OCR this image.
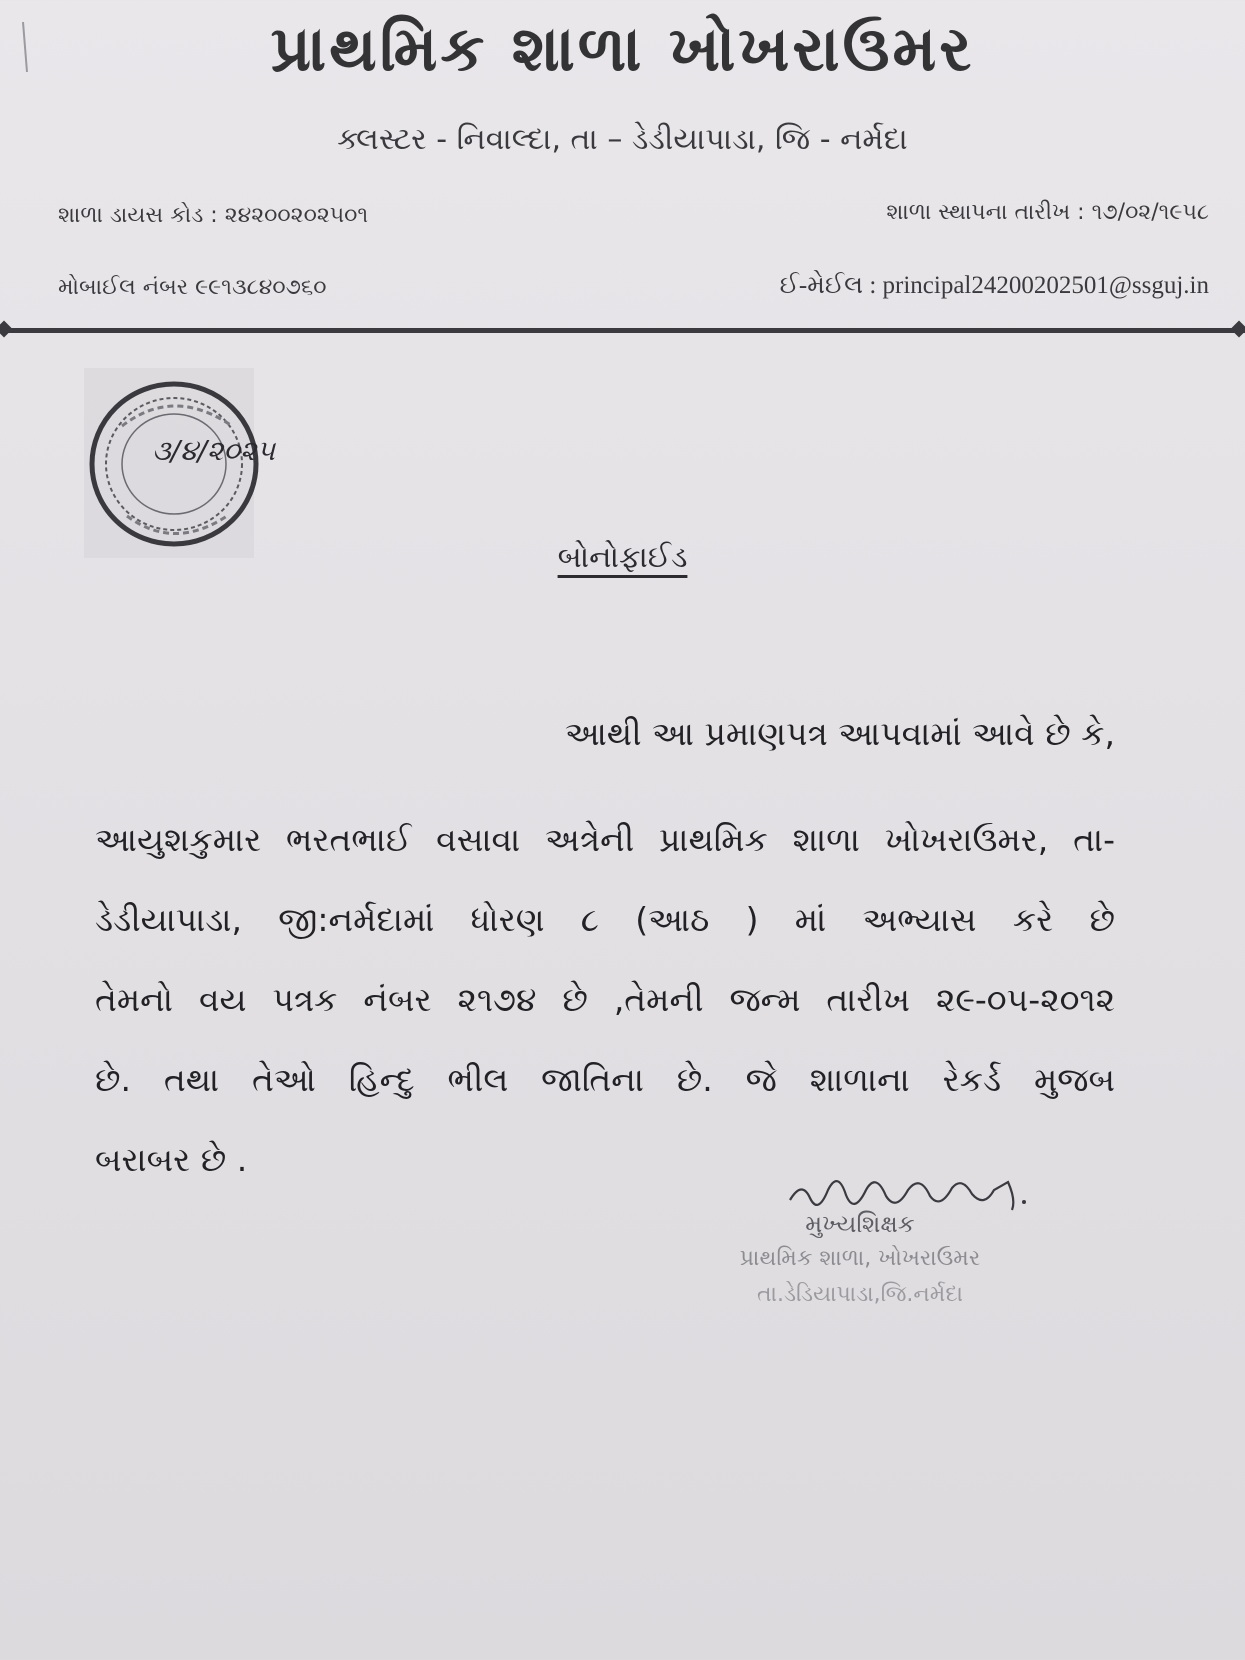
પ્રાથમિક શાળા ખોખરાઉમર
ક્લસ્ટર - નિવાલ્દા, તા – ડેડીયાપાડા, જિ - નર્મદા
શાળા ડાયસ કોડ : ૨૪૨૦૦૨૦૨૫૦૧	શાળા સ્થાપના તારીખ : ૧૭/૦૨/૧૯૫૮
મોબાઈલ નંબર ૯૯૧૩૮૪૦૭૬૦	ઈ-મેઈલ : principal24200202501@ssguj.in
૩/૪/૨૦૨૫
બોનોફાઈડ
આથી આ પ્રમાણપત્ર આપવામાં આવે છે કે,
આયુશકુમાર ભરતભાઈ વસાવા અત્રેની પ્રાથમિક શાળા ખોખરાઉમર, તા-
ડેડીયાપાડા, જી:નર્મદામાં ધોરણ ૮ (આઠ ) માં અભ્યાસ કરે છે
તેમનો વય પત્રક નંબર ૨૧૭૪ છે ,તેમની જન્મ તારીખ ૨૯-૦૫-૨૦૧૨
છે. તથા તેઓ હિન્દુ ભીલ જાતિના છે. જે શાળાના રેકર્ડ મુજબ
બરાબર છે .
મુખ્યશિક્ષક
પ્રાથમિક શાળા, ખોખરાઉમર
તા.ડેડિયાપાડા,જિ.નર્મદા
